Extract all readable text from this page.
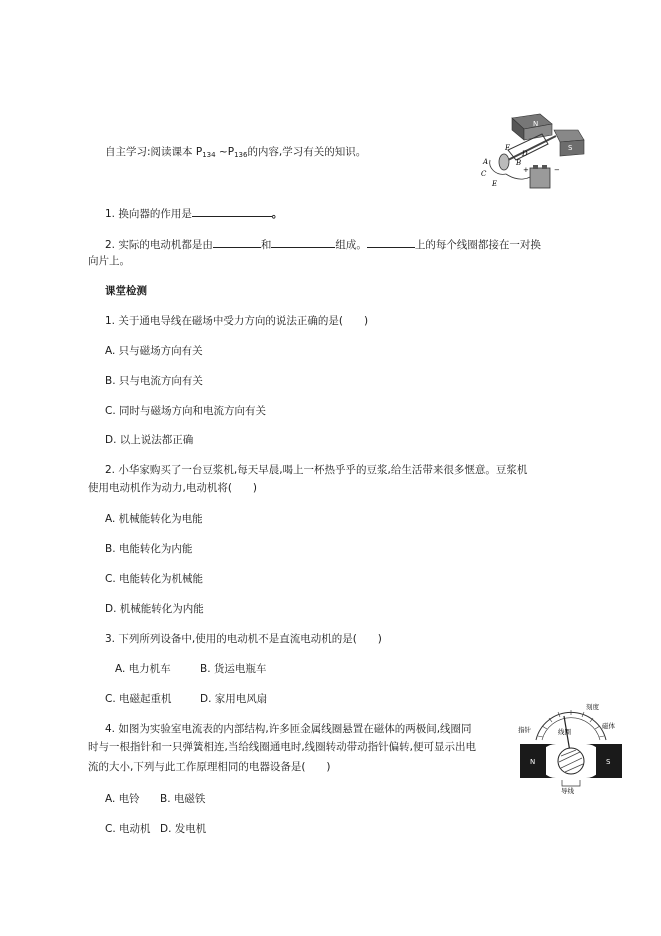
自主学习:阅读课本 $P_{134}$ $\sim P_{136}$的内容,学习有关的知识。
N
S
F
A	B
C
D
E
+	−
1. 换向器的作用是	。
2. 实际的电动机都是由	和	组成。	上的每个线圈都接在一对换
向片上。
课堂检测
1. 关于通电导线在磁场中受力方向的说法正确的是(　　)
A. 只与磁场方向有关
B. 只与电流方向有关
C. 同时与磁场方向和电流方向有关
D. 以上说法都正确
2. 小华家购买了一台豆浆机,每天早晨,喝上一杯热乎乎的豆浆,给生活带来很多惬意。豆浆机
使用电动机作为动力,电动机将(　　)
A. 机械能转化为电能
B. 电能转化为内能
C. 电能转化为机械能
D. 机械能转化为内能
3. 下列所列设备中,使用的电动机不是直流电动机的是(　　)
A. 电力机车	B. 货运电瓶车
C. 电磁起重机	D. 家用电风扇
4. 如图为实验室电流表的内部结构,许多匝金属线圈悬置在磁体的两极间,线圈同
时与一根指针和一只弹簧相连,当给线圈通电时,线圈转动带动指针偏转,便可显示出电
流的大小,下列与此工作原理相同的电器设备是(　　)
A. 电铃 B. 电磁铁
C. 电动机 D. 发电机
N	S
刻度
磁体
指针	线圈
导线
